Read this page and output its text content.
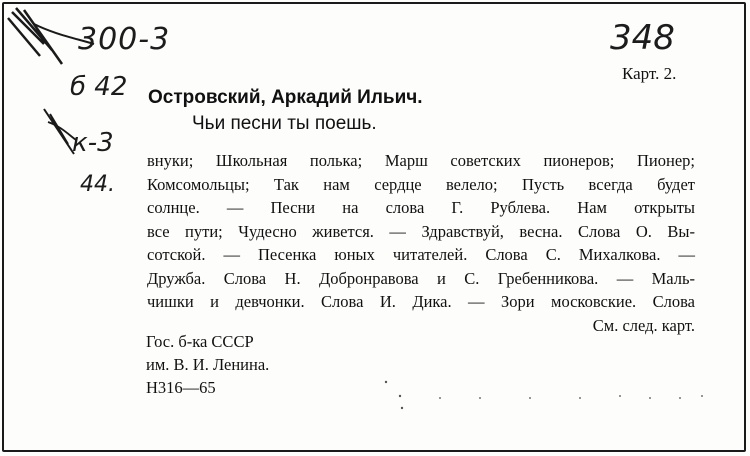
300-3
б 42
к-3
44.
348
Карт. 2.
Островский, Аркадий Ильич.
Чьи песни ты поешь.
внуки; Школьная полька; Марш советских пионеров; Пионер;
Комсомольцы; Так нам сердце велело; Пусть всегда будет
солнце. — Песни на слова Г. Рублева. Нам открыты
все пути; Чудесно живется. — Здравствуй, весна. Слова О. Вы-
сотской. — Песенка юных читателей. Слова С. Михалкова. —
Дружба. Слова Н. Добронравова и С. Гребенникова. — Маль-
чишки и девчонки. Слова И. Дика. — Зори московские. Слова
См. след. карт.
Гос. б-ка СССР
им. В. И. Ленина.
Н316—65
